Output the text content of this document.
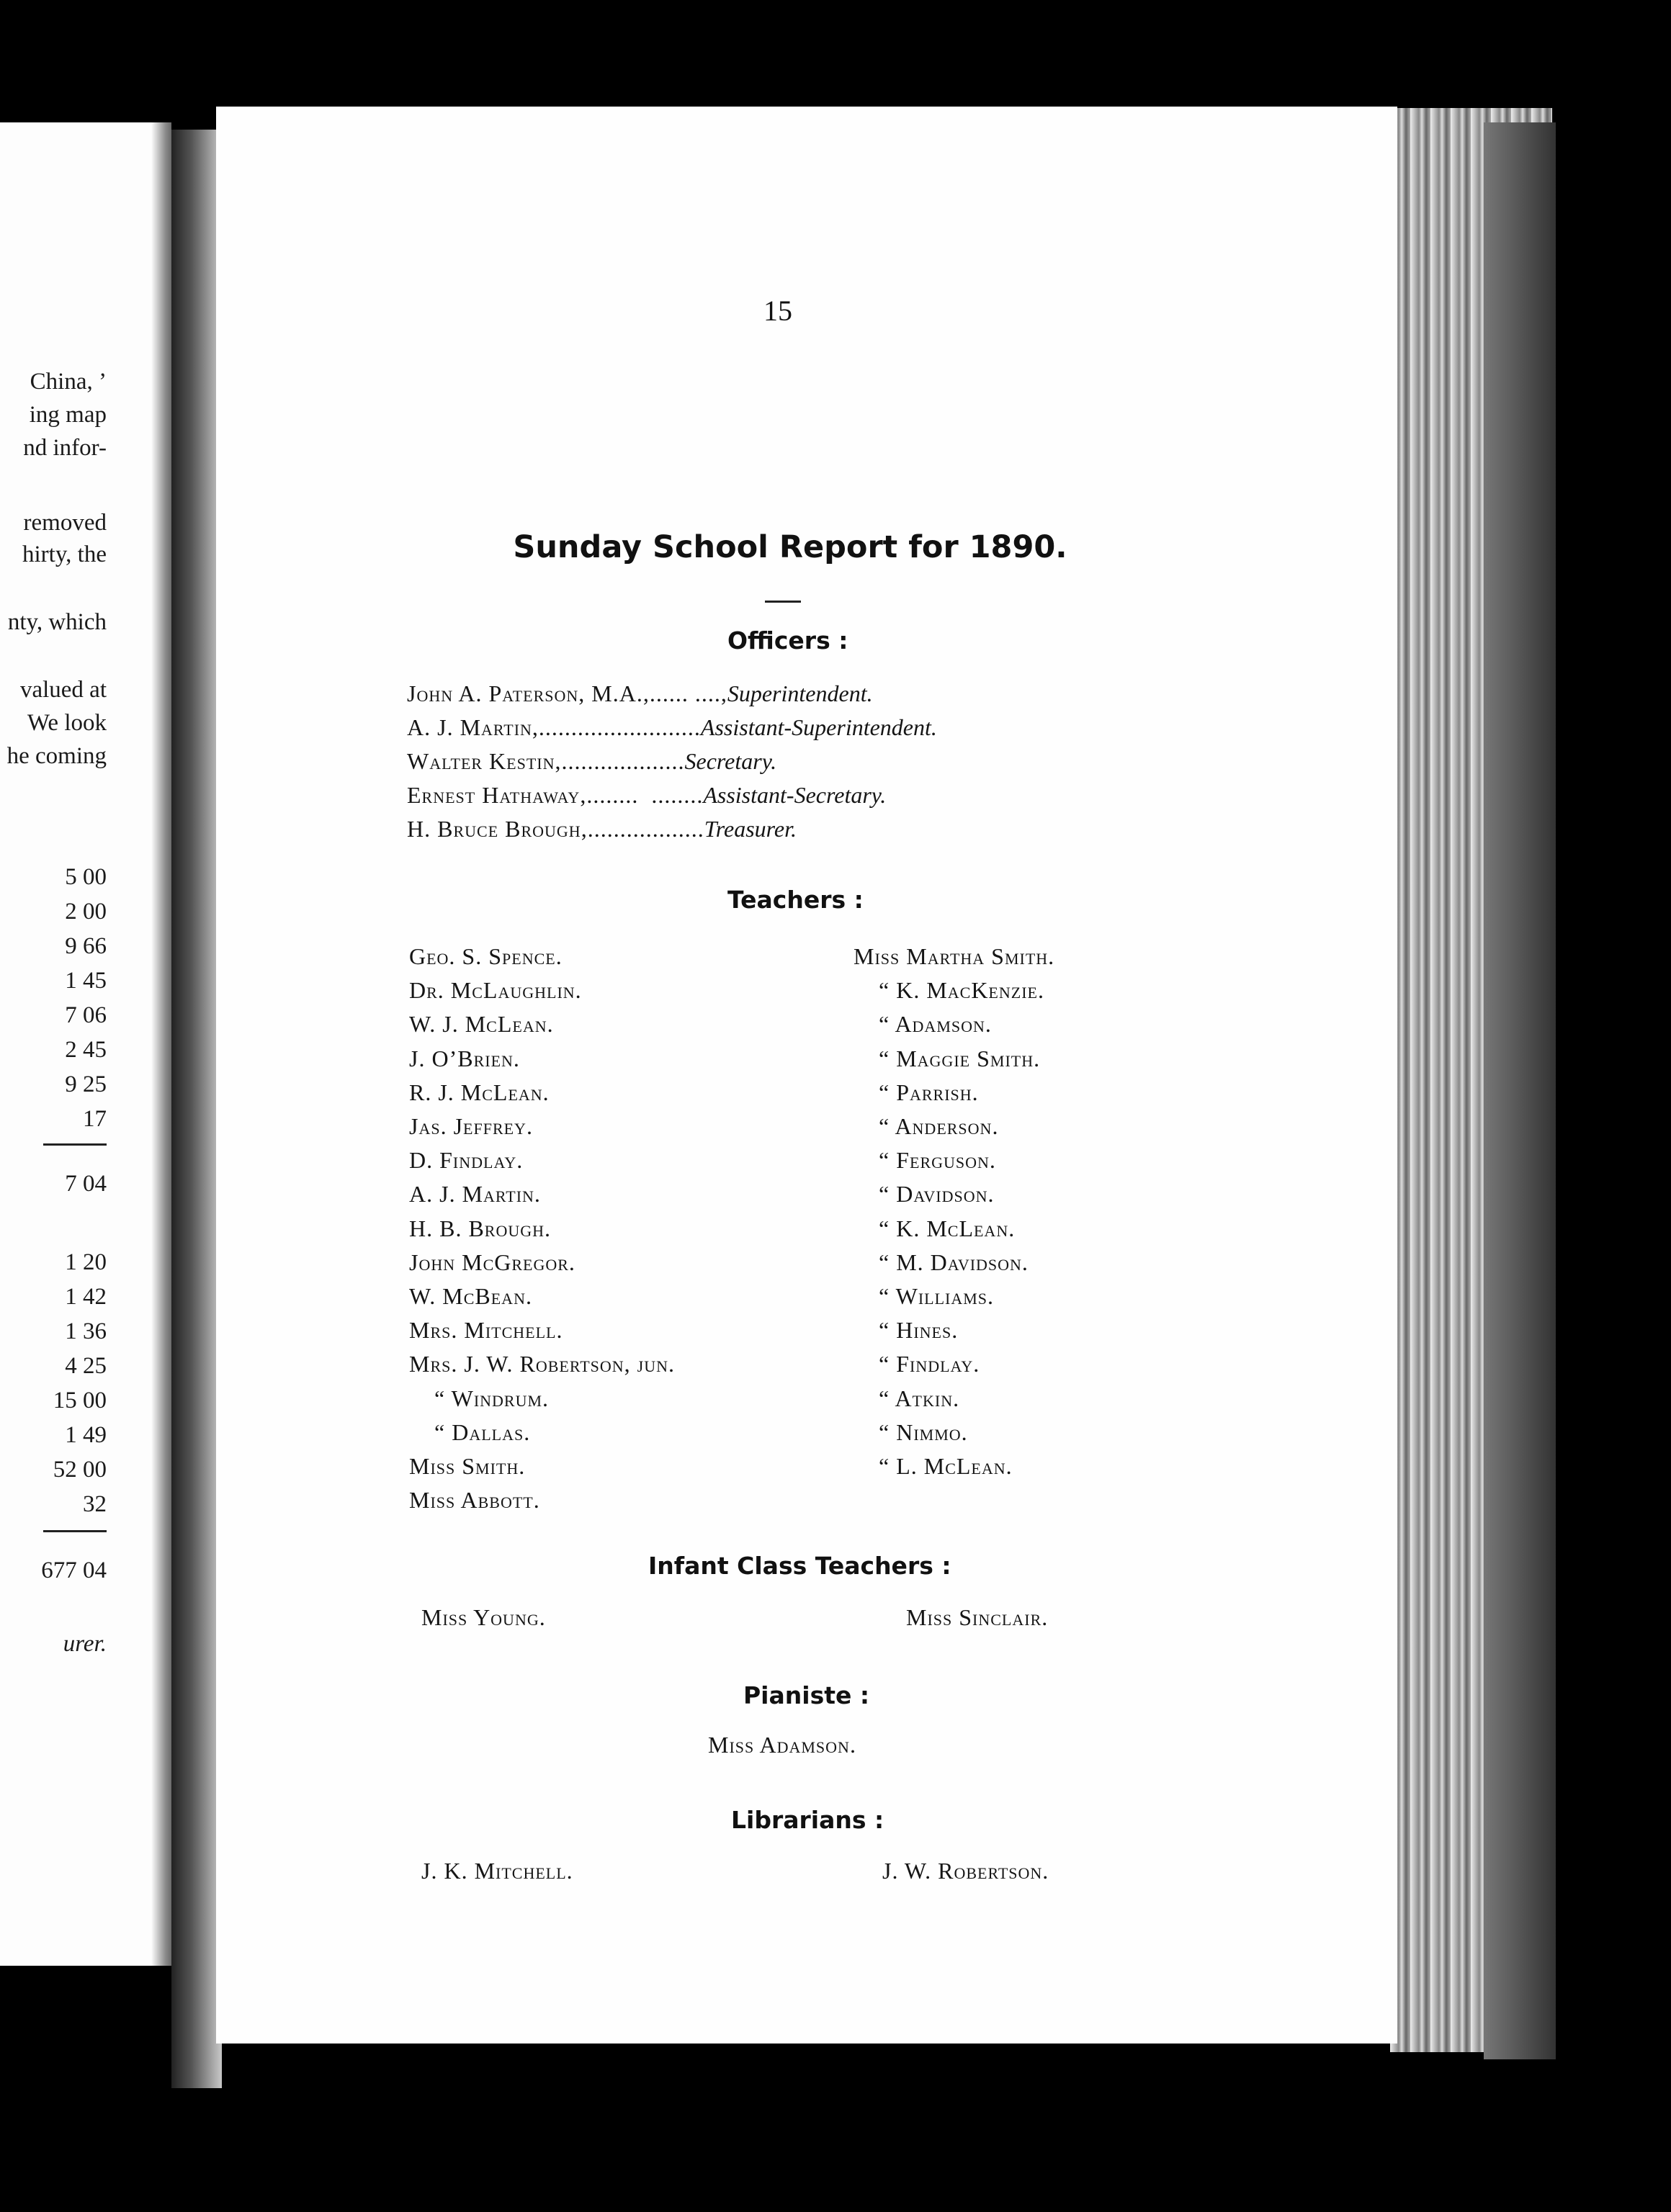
China, ’
ing map
nd infor-
removed
hirty, the
nty, which
valued at
We look
he coming
5 00
2 00
9 66
1 45
7 06
2 45
9 25
17
7 04
1 20
1 42
1 36
4 25
15 00
1 49
52 00
32
677 04
urer.
15
Sunday School Report for 1890.
Officers :
John A. Paterson, M.A.,...... ....,Superintendent.
A. J. Martin,.........................Assistant-Superintendent.
Walter Kestin,...................Secretary.
Ernest Hathaway,........  ........Assistant-Secretary.
H. Bruce Brough,..................Treasurer.
Teachers :
Geo. S. Spence.
Dr. McLaughlin.
W. J. McLean.
J. O’Brien.
R. J. McLean.
Jas. Jeffrey.
D. Findlay.
A. J. Martin.
H. B. Brough.
John McGregor.
W. McBean.
Mrs. Mitchell.
Mrs. J. W. Robertson, jun.
“ Windrum.
“ Dallas.
Miss Smith.
Miss Abbott.
Miss Martha Smith.
“ K. MacKenzie.
“ Adamson.
“ Maggie Smith.
“ Parrish.
“ Anderson.
“ Ferguson.
“ Davidson.
“ K. McLean.
“ M. Davidson.
“ Williams.
“ Hines.
“ Findlay.
“ Atkin.
“ Nimmo.
“ L. McLean.
Infant Class Teachers :
Miss Young.	Miss Sinclair.
Pianiste :
Miss Adamson.
Librarians :
J. K. Mitchell.	J. W. Robertson.
